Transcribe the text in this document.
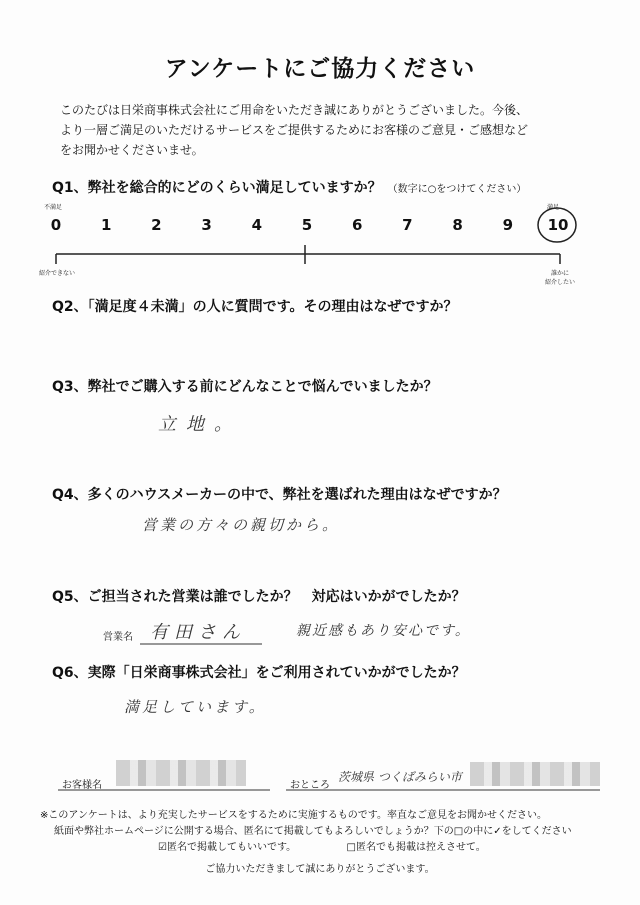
アンケートにご協力ください
このたびは日栄商事株式会社にご用命をいただき誠にありがとうございました。今後、
より一層ご満足のいただけるサービスをご提供するためにお客様のご意見・ご感想など
をお聞かせくださいませ。
Q1、弊社を総合的にどのくらい満足していますか？ （数字に○をつけてください）
不満足	満足
0	1	2	3	4	5	6	7	8	9	10
紹介できない	誰かに
紹介したい
Q2、「満足度４未満」の人に質問です。その理由はなぜですか？
Q3、弊社でご購入する前にどんなことで悩んでいましたか？
立地。
Q4、多くのハウスメーカーの中で、弊社を選ばれた理由はなぜですか？
営業の方々の親切から。
Q5、ご担当された営業は誰でしたか？　対応はいかがでしたか？
営業名 有田さん	親近感もあり安心です。
Q6、実際「日栄商事株式会社」をご利用されていかがでしたか？
満足しています。
お客様名	おところ
茨城県 つくばみらい市
※このアンケートは、より充実したサービスをするために実施するものです。率直なご意見をお聞かせください。
紙面や弊社ホームページに公開する場合、匿名にて掲載してもよろしいでしょうか？下の□の中に✓をしてください
☑匿名で掲載してもいいです。	□匿名でも掲載は控えさせて。
ご協力いただきまして誠にありがとうございます。
